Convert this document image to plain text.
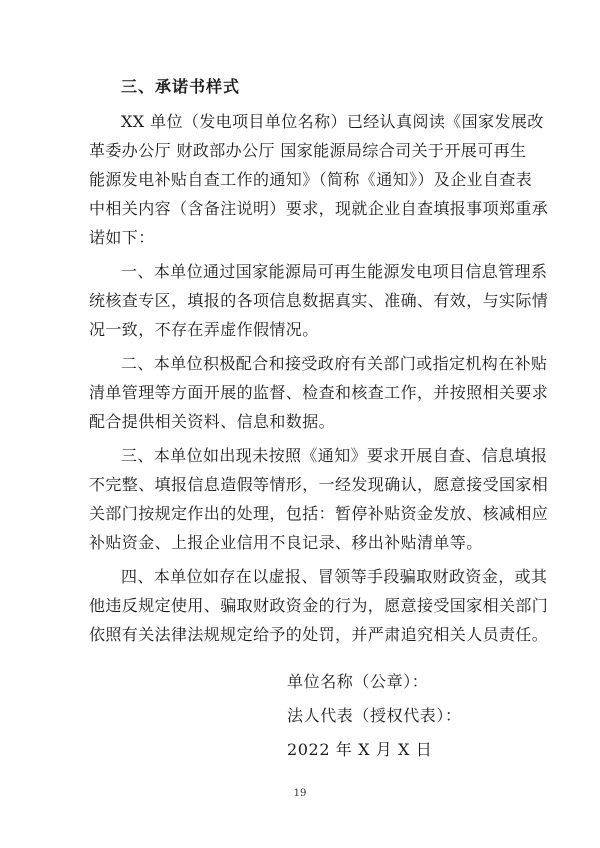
三、承诺书样式
XX 单位（发电项目单位名称）已经认真阅读《国家发展改
革委办公厅 财政部办公厅 国家能源局综合司关于开展可再生
能源发电补贴自查工作的通知》（简称《通知》）及企业自查表
中相关内容（含备注说明）要求，现就企业自查填报事项郑重承
诺如下：
一、本单位通过国家能源局可再生能源发电项目信息管理系
统核查专区，填报的各项信息数据真实、准确、有效，与实际情
况一致，不存在弄虚作假情况。
二、本单位积极配合和接受政府有关部门或指定机构在补贴
清单管理等方面开展的监督、检查和核查工作，并按照相关要求
配合提供相关资料、信息和数据。
三、本单位如出现未按照《通知》要求开展自查、信息填报
不完整、填报信息造假等情形，一经发现确认，愿意接受国家相
关部门按规定作出的处理，包括：暂停补贴资金发放、核减相应
补贴资金、上报企业信用不良记录、移出补贴清单等。
四、本单位如存在以虚报、冒领等手段骗取财政资金，或其
他违反规定使用、骗取财政资金的行为，愿意接受国家相关部门
依照有关法律法规规定给予的处罚，并严肃追究相关人员责任。
单位名称（公章）：
法人代表（授权代表）：
2022 年 X 月 X 日
19
